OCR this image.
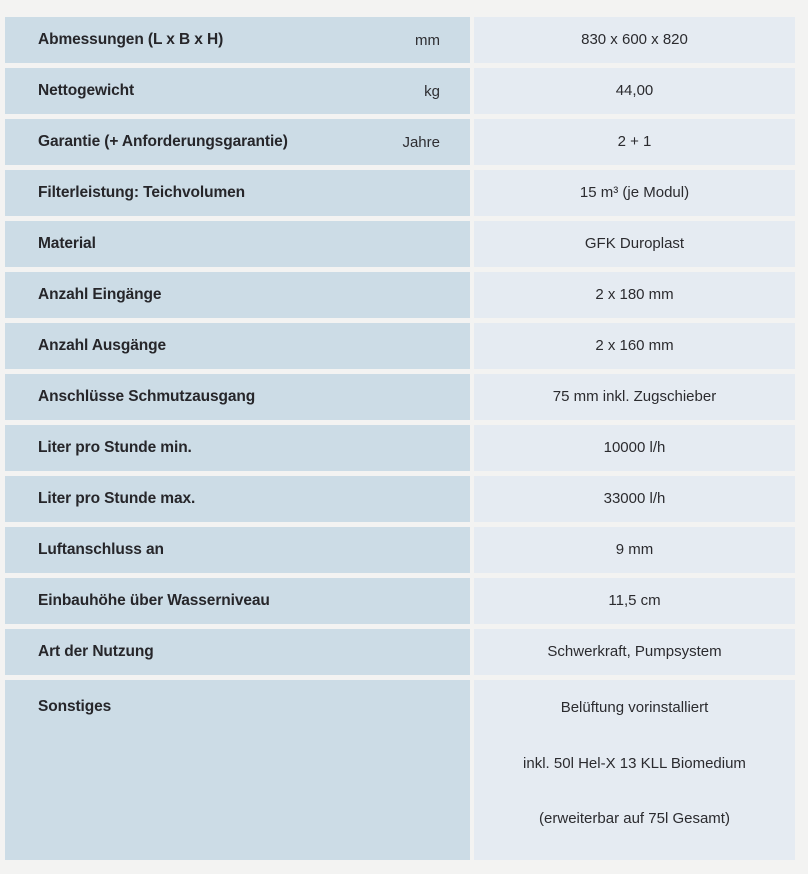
Abmessungen (L x B x H)	mm	830 x 600 x 820
Nettogewicht	kg	44,00
Garantie (+ Anforderungsgarantie)	Jahre	2 + 1
Filterleistung: Teichvolumen	15 m³ (je Modul)
Material	GFK Duroplast
Anzahl Eingänge	2 x 180 mm
Anzahl Ausgänge	2 x 160 mm
Anschlüsse Schmutzausgang	75 mm inkl. Zugschieber
Liter pro Stunde min.	10000 l/h
Liter pro Stunde max.	33000 l/h
Luftanschluss an	9 mm
Einbauhöhe über Wasserniveau	11,5 cm
Art der Nutzung	Schwerkraft, Pumpsystem
Sonstiges	Belüftung vorinstalliert
inkl. 50l Hel-X 13 KLL Biomedium
(erweiterbar auf 75l Gesamt)
